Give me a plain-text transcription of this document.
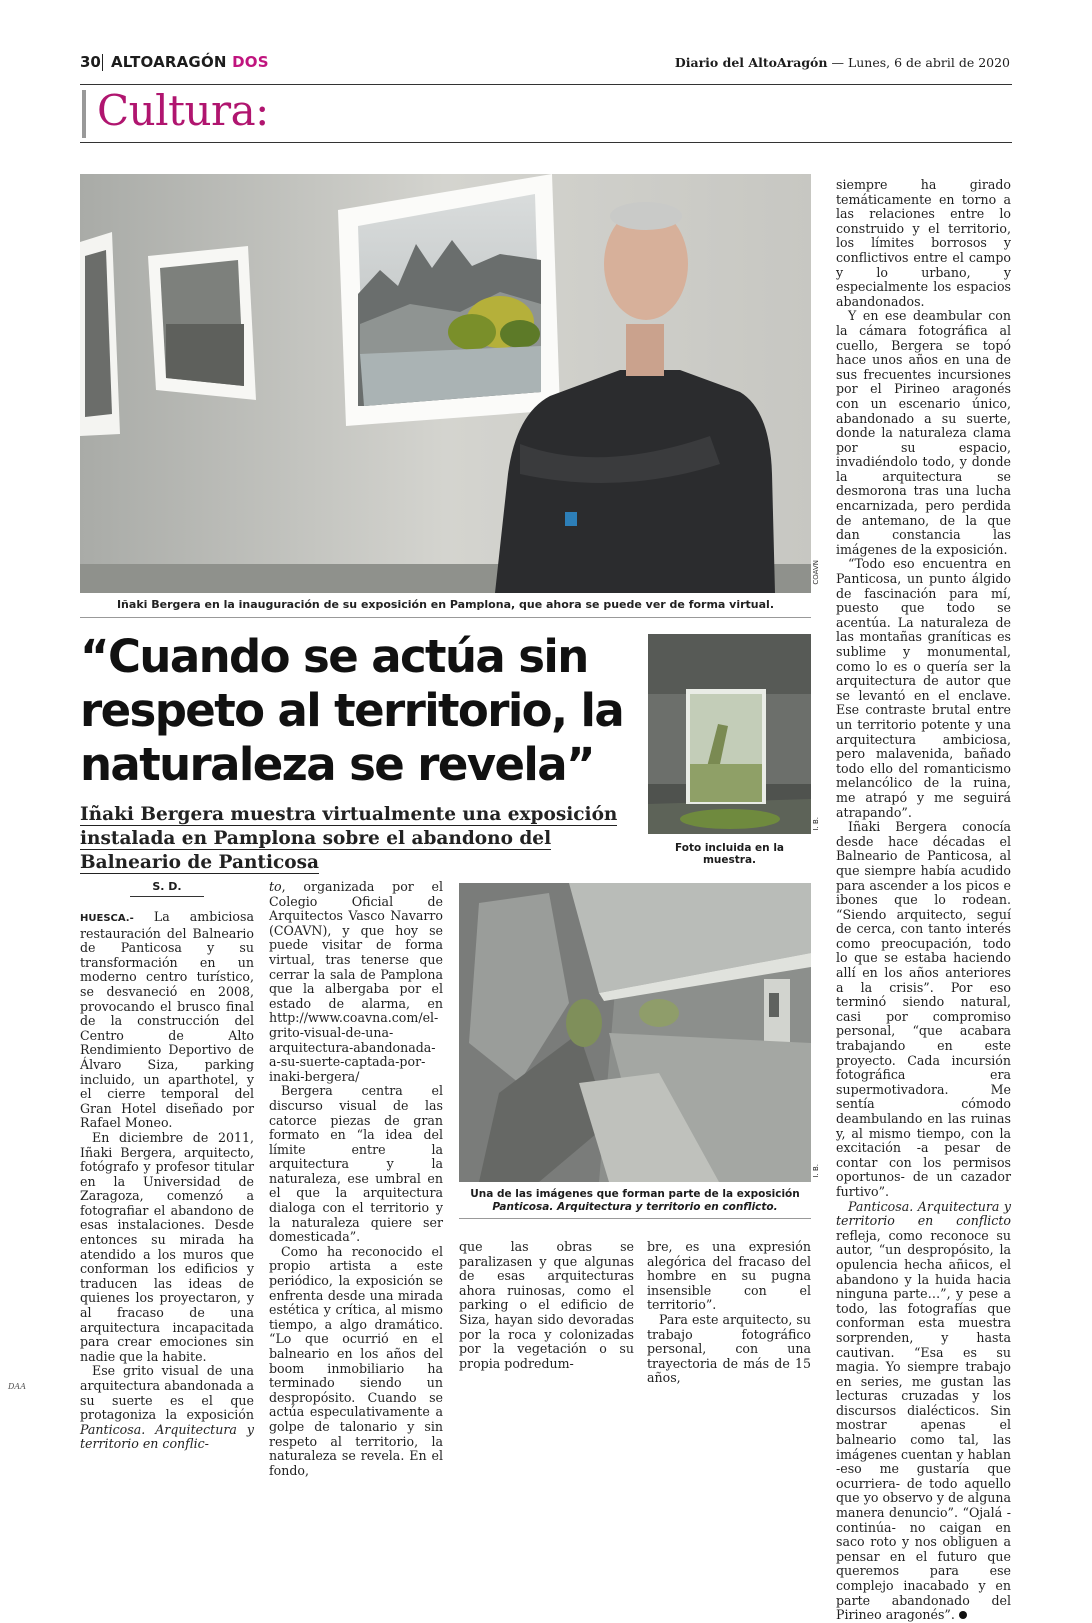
30 ALTOARAGÓN DOS	Diario del AltoAragón — Lunes, 6 de abril de 2020
Cultura:
COAVN
Iñaki Bergera en la inauguración de su exposición en Pamplona, que ahora se puede ver de forma virtual.
“Cuando se actúa sin respeto al territorio, la naturaleza se revela”
Iñaki Bergera muestra virtualmente una exposición instalada en Pamplona sobre el abandono del Balneario de Panticosa
I. B.
Foto incluida en la muestra.
I. B.
Una de las imágenes que forman parte de la exposición
Panticosa. Arquitectura y territorio en conflicto.
S. D.

HUESCA.- La ambiciosa restauración del Balneario de Panticosa y su transformación en un moderno centro turístico, se desvaneció en 2008, provocando el brusco final de la construcción del Centro de Alto Rendimiento Deportivo de Álvaro Siza, parking incluido, un aparthotel, y el cierre temporal del Gran Hotel diseñado por Rafael Moneo.

En diciembre de 2011, Iñaki Bergera, arquitecto, fotógrafo y profesor titular en la Universidad de Zaragoza, comenzó a fotografiar el abandono de esas instalaciones. Desde entonces su mirada ha atendido a los muros que conforman los edificios y traducen las ideas de quienes los proyectaron, y al fracaso de una arquitectura incapacitada para crear emociones sin nadie que la habite.

Ese grito visual de una arquitectura abandonada a su suerte es el que protagoniza la exposición Panticosa. Arquitectura y territorio en conflic-

to, organizada por el Colegio Oficial de Arquitectos Vasco Navarro (COAVN), y que hoy se puede visitar de forma virtual, tras tenerse que cerrar la sala de Pamplona que la albergaba por el estado de alarma, en http://www.coavna.com/el-grito-visual-de-una-arquitectura-abandonada-a-su-suerte-captada-por-inaki-bergera/

Bergera centra el discurso visual de las catorce piezas de gran formato en “la idea del límite entre la arquitectura y la naturaleza, ese umbral en el que la arquitectura dialoga con el territorio y la naturaleza quiere ser domesticada”.

Como ha reconocido el propio artista a este periódico, la exposición se enfrenta desde una mirada estética y crítica, al mismo tiempo, a algo dramático. “Lo que ocurrió en el balneario en los años del boom inmobiliario ha terminado siendo un despropósito. Cuando se actúa especulativamente a golpe de talonario y sin respeto al territorio, la naturaleza se revela. En el fondo,

que las obras se paralizasen y que algunas de esas arquitecturas ahora ruinosas, como el parking o el edificio de Siza, hayan sido devoradas por la roca y colonizadas por la vegetación o su propia podredum-

bre, es una expresión alegórica del fracaso del hombre en su pugna insensible con el territorio”.

Para este arquitecto, su trabajo fotográfico personal, con una trayectoria de más de 15 años,

siempre ha girado temáticamente en torno a las relaciones entre lo construido y el territorio, los límites borrosos y conflictivos entre el campo y lo urbano, y especialmente los espacios abandonados.

Y en ese deambular con la cámara fotográfica al cuello, Bergera se topó hace unos años en una de sus frecuentes incursiones por el Pirineo aragonés con un escenario único, abandonado a su suerte, donde la naturaleza clama por su espacio, invadiéndolo todo, y donde la arquitectura se desmorona tras una lucha encarnizada, pero perdida de antemano, de la que dan constancia las imágenes de la exposición.

“Todo eso encuentra en Panticosa, un punto álgido de fascinación para mí, puesto que todo se acentúa. La naturaleza de las montañas graníticas es sublime y monumental, como lo es o quería ser la arquitectura de autor que se levantó en el enclave. Ese contraste brutal entre un territorio potente y una arquitectura ambiciosa, pero malavenida, bañado todo ello del romanticismo melancólico de la ruina, me atrapó y me seguirá atrapando”.

Iñaki Bergera conocía desde hace décadas el Balneario de Panticosa, al que siempre había acudido para ascender a los picos e ibones que lo rodean. “Siendo arquitecto, seguí de cerca, con tanto interés como preocupación, todo lo que se estaba haciendo allí en los años anteriores a la crisis”. Por eso terminó siendo natural, casi por compromiso personal, “que acabara trabajando en este proyecto. Cada incursión fotográfica era supermotivadora. Me sentía cómodo deambulando en las ruinas y, al mismo tiempo, con la excitación -a pesar de contar con los permisos oportunos- de un cazador furtivo”.

Panticosa. Arquitectura y territorio en conflicto refleja, como reconoce su autor, “un despropósito, la opulencia hecha añicos, el abandono y la huida hacia ninguna parte…”, y pese a todo, las fotografías que conforman esta muestra sorprenden, y hasta cautivan. “Esa es su magia. Yo siempre trabajo en series, me gustan las lecturas cruzadas y los discursos dialécticos. Sin mostrar apenas el balneario como tal, las imágenes cuentan y hablan -eso me gustaría que ocurriera- de todo aquello que yo observo y de alguna manera denuncio”. “Ojalá -continúa- no caigan en saco roto y nos obliguen a pensar en el futuro que queremos para ese complejo inacabado y en parte abandonado del Pirineo aragonés”.

DAA
